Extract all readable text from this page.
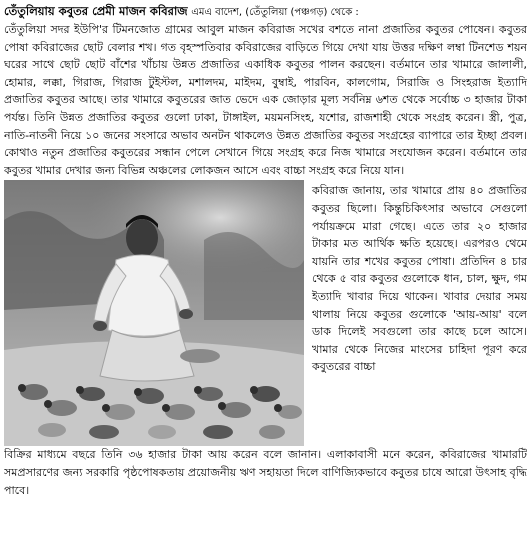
তেঁতুলিয়ায় কবুতর প্রেমী মাজন কবিরাজ এমএ বাদেশ, (তেঁতুলিয়া (পঞ্চগড়) থেকে :

তেঁতুলিয়া সদর ইউপি'র টিমনজোত গ্রামের আবুল মাজন কবিরাজ সখের বশতে নানা প্রজাতির কবুতর পোষেন। কবুতর পোষা কবিরাজের ছোট বেলার শখ। গত বৃহস্পতিবার কবিরাজের বাড়িতে গিয়ে দেখা যায় উত্তর দক্ষিণ লম্বা টিনশেড শয়ন ঘরের সাথে ছোট ছোট বাঁশের খাঁচায় উন্নত প্রজাতির একাধিক কবুতর পালন করছেন। বর্তমানে তার খামারে জালালী, হোমার, লক্কা, গিরাজ, গিরাজ টুইস্টল, মশালদম, মাইদম, বুম্বাই, পারবিন, কালগোম, সিরাজি ও সিংহরাজ ইত্যাদি প্রজাতির কবুতর আছে। তার খামারে কবুতরের জাত ভেদে এক জোড়ার মূল্য সর্বনিম্ন ৬শত থেকে সর্বোচ্চ ৩ হাজার টাকা পর্যন্ত। তিনি উন্নত প্রজাতির কবুতর গুলো ঢাকা, টাঙ্গাইল, ময়মনসিংহ, যশোর, রাজশাহী থেকে সংগ্রহ করেন। স্ত্রী, পুত্র, নাতি-নাতনী নিয়ে ১০ জনের সংসারে অভাব অনটন থাকলেও উন্নত প্রজাতির কবুতর সংগ্রহের ব্যাপারে তার ইচ্ছা প্রবল। কোথাও নতুন প্রজাতির কবুতরের সন্ধান পেলে সেখানে গিয়ে সংগ্রহ করে নিজ খামারে সংযোজন করেন। বর্তমানে তার কবুতর খামার দেখার জন্য বিভিন্ন অঞ্চলের লোকজন আসে এবং বাচ্চা সংগ্রহ করে নিয়ে যান।

কবিরাজ জানায়, তার খামারে প্রায় ৪০ প্রজাতির কবুতর ছিলো। কিন্তুচিকিৎসার অভাবে সেগুলো পর্যায়ক্রমে মারা গেছে। এতে তার ২০ হাজার টাকার মত আর্থিক ক্ষতি হয়েছে। এরপরও থেমে যায়নি তার শখের কবুতর পোষা। প্রতিদিন ৪ চার থেকে ৫ বার কবুতর গুলোকে ধান, চাল, ক্ষুদ, গম ইত্যাদি খাবার দিয়ে থাকেন। খাবার দেয়ার সময় থালায় নিয়ে কবুতর গুলোকে 'আয়-আয়' বলে ডাক দিলেই সবগুলো তার কাছে চলে আসে। খামার থেকে নিজের মাংসের চাহিদা পূরণ করে কবুতরের বাচ্চা

বিক্রির মাধ্যমে বছরে তিনি ৩৬ হাজার টাকা আয় করেন বলে জানান। এলাকাবাসী মনে করেন, কবিরাজের খামারটি সমপ্রসারণের জন্য সরকারি পৃষ্ঠপোষকতায় প্রয়োজনীয় ঋণ সহায়তা দিলে বাণিজ্যিকভাবে কবুতর চাষে আরো উৎসাহ বৃদ্ধি পাবে।
